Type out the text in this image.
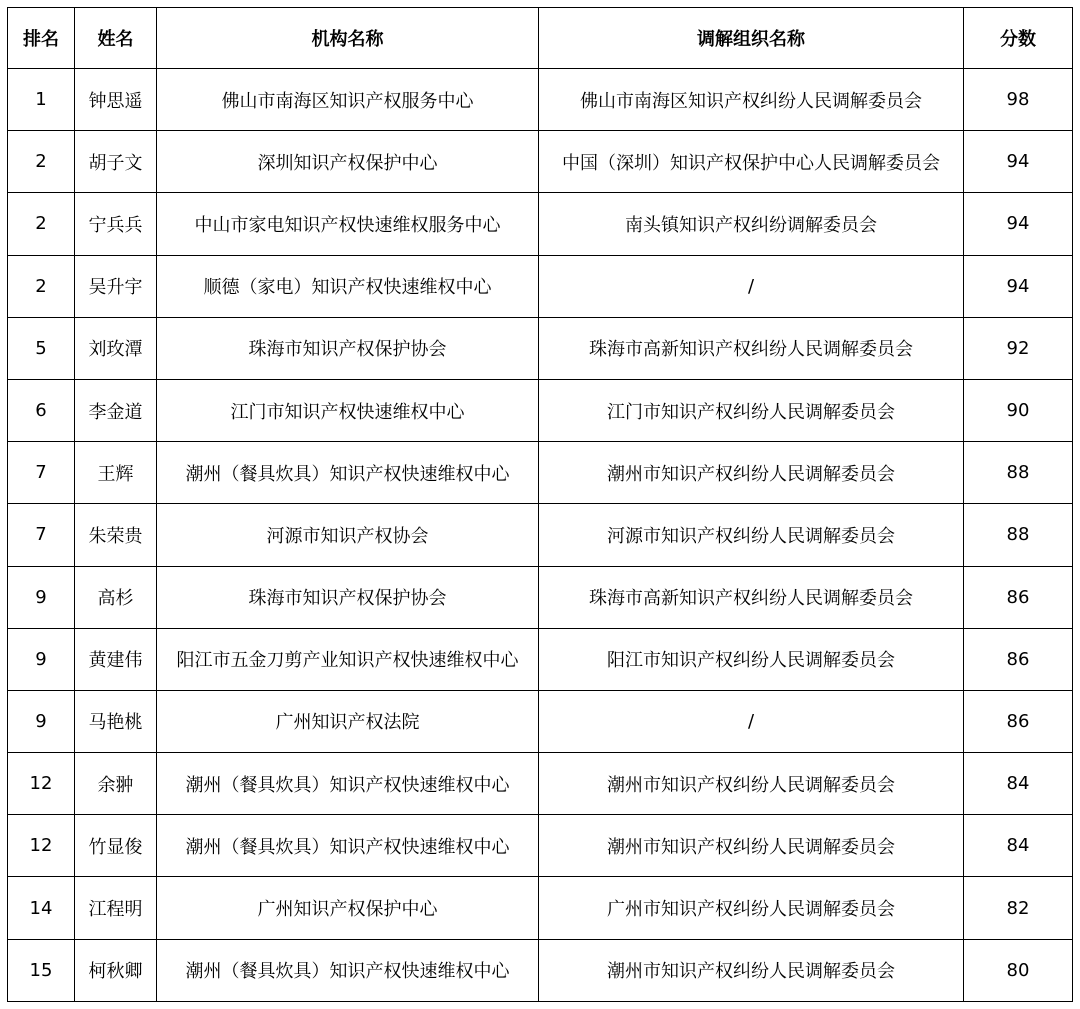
排名	姓名	机构名称	调解组织名称	分数
1	钟思遥	佛山市南海区知识产权服务中心	佛山市南海区知识产权纠纷人民调解委员会	98
2	胡子文	深圳知识产权保护中心	中国（深圳）知识产权保护中心人民调解委员会	94
2	宁兵兵	中山市家电知识产权快速维权服务中心	南头镇知识产权纠纷调解委员会	94
2	吴升宇	顺德（家电）知识产权快速维权中心	/	94
5	刘玫潭	珠海市知识产权保护协会	珠海市高新知识产权纠纷人民调解委员会	92
6	李金道	江门市知识产权快速维权中心	江门市知识产权纠纷人民调解委员会	90
7	王辉	潮州（餐具炊具）知识产权快速维权中心	潮州市知识产权纠纷人民调解委员会	88
7	朱荣贵	河源市知识产权协会	河源市知识产权纠纷人民调解委员会	88
9	高杉	珠海市知识产权保护协会	珠海市高新知识产权纠纷人民调解委员会	86
9	黄建伟	阳江市五金刀剪产业知识产权快速维权中心	阳江市知识产权纠纷人民调解委员会	86
9	马艳桃	广州知识产权法院	/	86
12	余翀	潮州（餐具炊具）知识产权快速维权中心	潮州市知识产权纠纷人民调解委员会	84
12	竹显俊	潮州（餐具炊具）知识产权快速维权中心	潮州市知识产权纠纷人民调解委员会	84
14	江程明	广州知识产权保护中心	广州市知识产权纠纷人民调解委员会	82
15	柯秋卿	潮州（餐具炊具）知识产权快速维权中心	潮州市知识产权纠纷人民调解委员会	80
